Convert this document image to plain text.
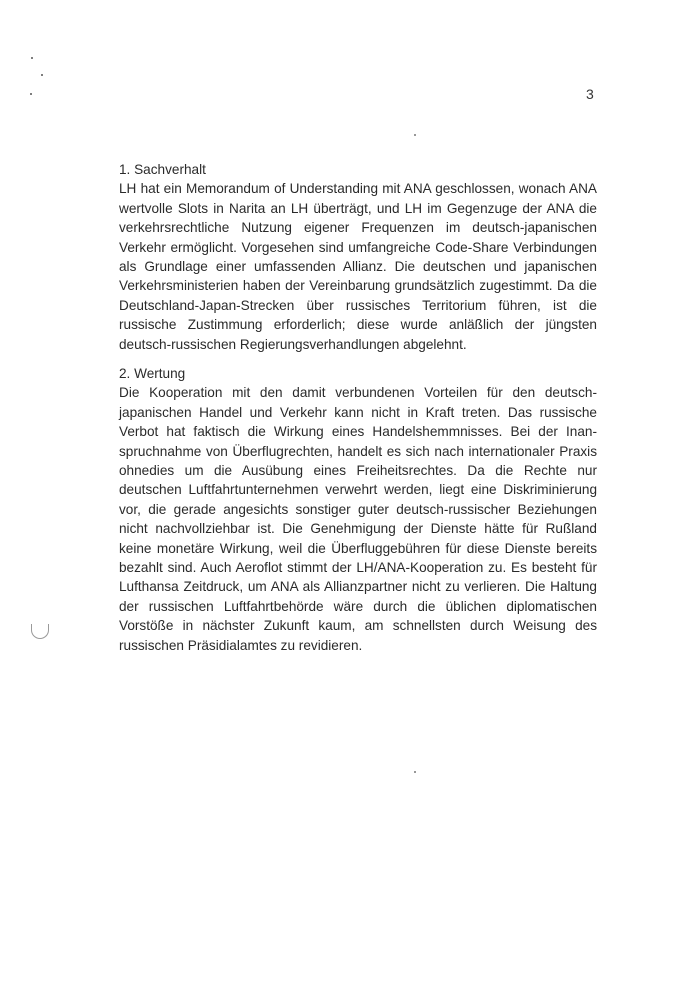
3

1. Sachverhalt

LH hat ein Memorandum of Understanding mit ANA geschlossen, wonach ANA wertvolle Slots in Narita an LH überträgt, und LH im Gegenzuge der ANA die verkehrsrechtliche Nutzung eigener Frequenzen im deutsch-japanischen Verkehr ermöglicht. Vorgesehen sind umfangreiche Code-Share Verbindungen als Grundlage einer umfassenden Allianz. Die deutschen und japanischen Verkehrsministerien haben der Vereinbarung grundsätzlich zugestimmt. Da die Deutschland-Japan-Strecken über russisches Territorium führen, ist die russische Zustimmung erforderlich; diese wurde anläßlich der jüngsten deutsch-russischen Regierungsverhandlungen abgelehnt.

2. Wertung

Die Kooperation mit den damit verbundenen Vorteilen für den deutsch-japanischen Handel und Verkehr kann nicht in Kraft treten. Das russische Verbot hat faktisch die Wirkung eines Handelshemmnisses. Bei der Inanspruchnahme von Überflugrechten, handelt es sich nach internationaler Praxis ohnedies um die Ausübung eines Freiheitsrechtes. Da die Rechte nur deutschen Luftfahrtunternehmen verwehrt werden, liegt eine Diskriminierung vor, die gerade angesichts sonstiger guter deutsch-russischer Beziehungen nicht nachvollziehbar ist. Die Genehmigung der Dienste hätte für Rußland keine monetäre Wirkung, weil die Überfluggebühren für diese Dienste bereits bezahlt sind. Auch Aeroflot stimmt der LH/ANA-Kooperation zu. Es besteht für Lufthansa Zeitdruck, um ANA als Allianzpartner nicht zu verlieren. Die Haltung der russischen Luftfahrtbehörde wäre durch die üblichen diplomatischen Vorstöße in nächster Zukunft kaum, am schnellsten durch Weisung des russischen Präsidialamtes zu revidieren.
